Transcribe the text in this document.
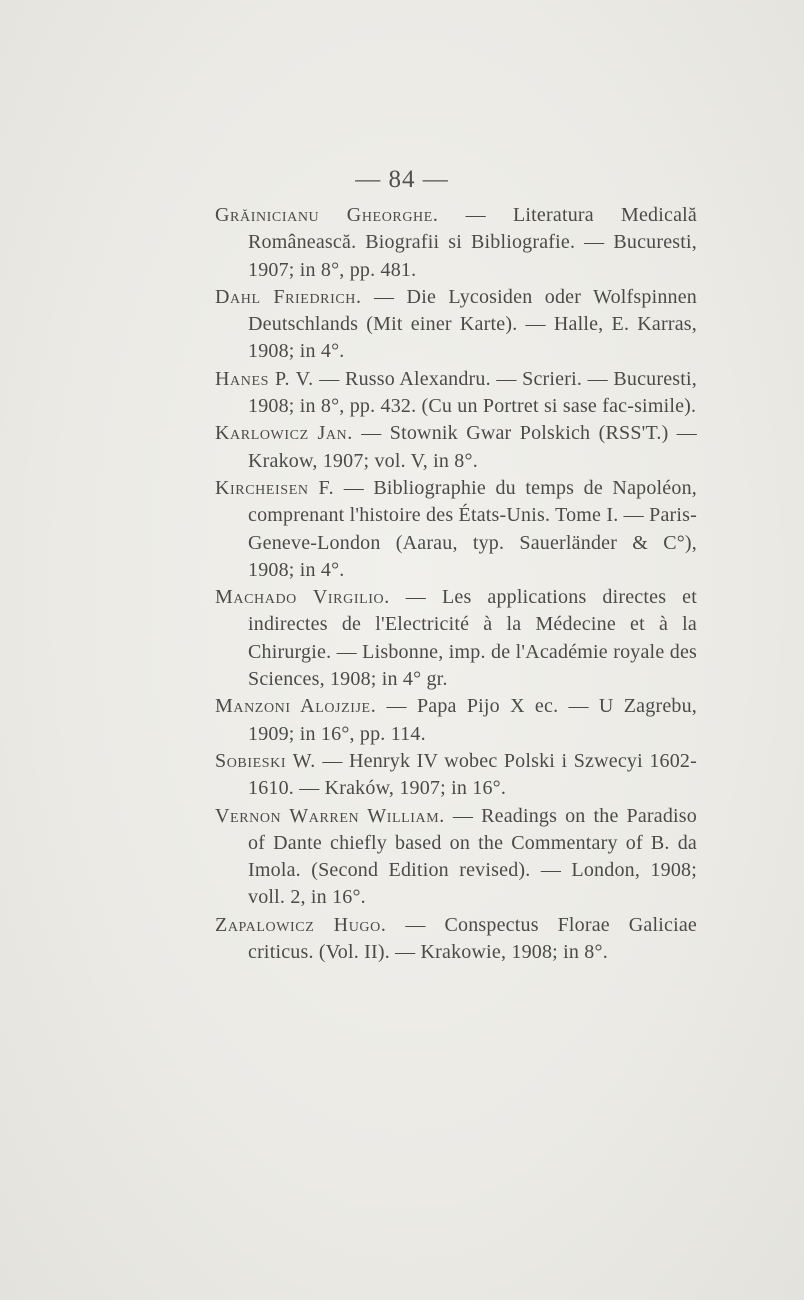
— 84 —

Grăinicianu Gheorghe. — Literatura Medicală Românească. Biografii si Bibliografie. — Bucuresti, 1907; in 8°, pp. 481.

Dahl Friedrich. — Die Lycosiden oder Wolfspinnen Deutschlands (Mit einer Karte). — Halle, E. Karras, 1908; in 4°.

Hanes P. V. — Russo Alexandru. — Scrieri. — Bucuresti, 1908; in 8°, pp. 432. (Cu un Portret si sase fac-simile).

Karlowicz Jan. — Stownik Gwar Polskich (RSS'T.) — Krakow, 1907; vol. V, in 8°.

Kircheisen F. — Bibliographie du temps de Napoléon, comprenant l'histoire des États-Unis. Tome I. — Paris-Geneve-London (Aarau, typ. Sauerländer & C°), 1908; in 4°.

Machado Virgilio. — Les applications directes et indirectes de l'Electricité à la Médecine et à la Chirurgie. — Lisbonne, imp. de l'Académie royale des Sciences, 1908; in 4° gr.

Manzoni Alojzije. — Papa Pijo X ec. — U Zagrebu, 1909; in 16°, pp. 114.

Sobieski W. — Henryk IV wobec Polski i Szwecyi 1602-1610. — Kraków, 1907; in 16°.

Vernon Warren William. — Readings on the Paradiso of Dante chiefly based on the Commentary of B. da Imola. (Second Edition revised). — London, 1908; voll. 2, in 16°.

Zapalowicz Hugo. — Conspectus Florae Galiciae criticus. (Vol. II). — Krakowie, 1908; in 8°.
